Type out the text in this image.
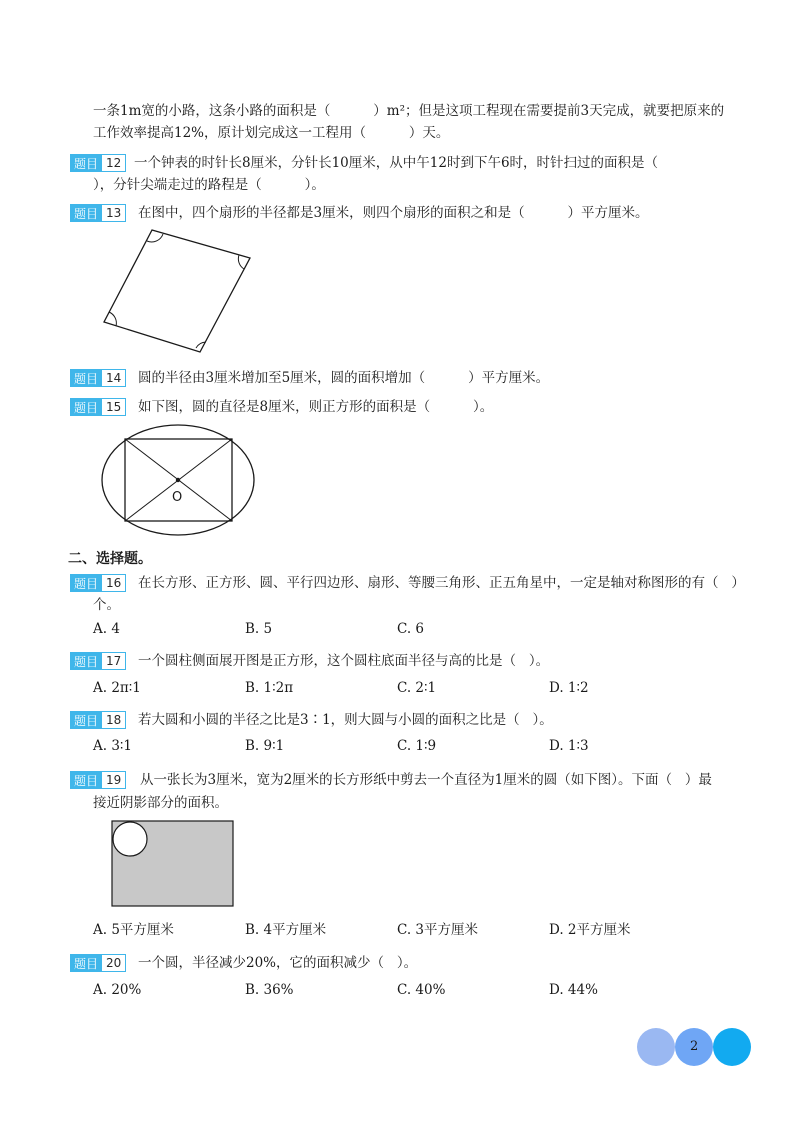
一条1m宽的小路，这条小路的面积是（          ）m²；但是这项工程现在需要提前3天完成，就要把原来的
工作效率提高12%，原计划完成这一工程用（          ）天。
题目 12 一个钟表的时针长8厘米，分针长10厘米，从中午12时到下午6时，时针扫过的面积是（
），分针尖端走过的路程是（          ）。
题目 13	在图中，四个扇形的半径都是3厘米，则四个扇形的面积之和是（          ）平方厘米。
题目 14	圆的半径由3厘米增加至5厘米，圆的面积增加（          ）平方厘米。
题目 15	如下图，圆的直径是8厘米，则正方形的面积是（          ）。
O
二、选择题。
题目 16	在长方形、正方形、圆、平行四边形、扇形、等腰三角形、正五角星中，一定是轴对称图形的有（   ）
个。
A. 4	B. 5	C. 6
题目 17	一个圆柱侧面展开图是正方形，这个圆柱底面半径与高的比是（   ）。
A. 2π∶1	B. 1∶2π	C. 2∶1	D. 1∶2
题目 18	若大圆和小圆的半径之比是3∶1，则大圆与小圆的面积之比是（   ）。
A. 3∶1	B. 9∶1	C. 1∶9	D. 1∶3
题目 19	从一张长为3厘米，宽为2厘米的长方形纸中剪去一个直径为1厘米的圆（如下图）。下面（   ）最
接近阴影部分的面积。
A. 5平方厘米	B. 4平方厘米	C. 3平方厘米	D. 2平方厘米
题目 20	一个圆，半径减少20%，它的面积减少（   ）。
A. 20%	B. 36%	C. 40%	D. 44%
2
